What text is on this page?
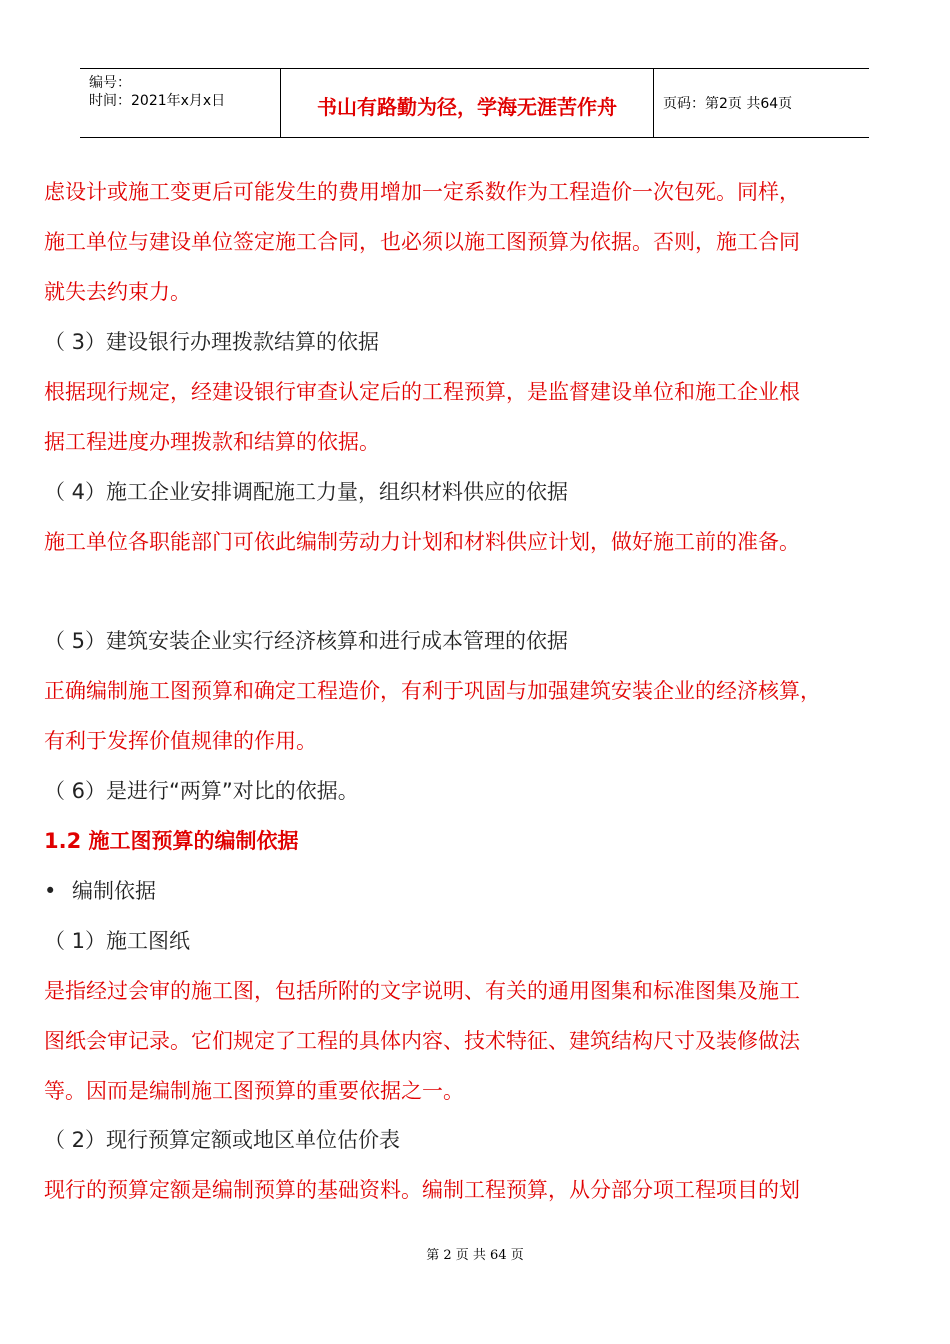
编号：
时间：2021年x月x日	书山有路勤为径，学海无涯苦作舟	页码：第2页 共64页
虑设计或施工变更后可能发生的费用增加一定系数作为工程造价一次包死。同样，
施工单位与建设单位签定施工合同，也必须以施工图预算为依据。否则，施工合同
就失去约束力。
（ 3）建设银行办理拨款结算的依据
根据现行规定，经建设银行审查认定后的工程预算，是监督建设单位和施工企业根
据工程进度办理拨款和结算的依据。
（ 4）施工企业安排调配施工力量，组织材料供应的依据
施工单位各职能部门可依此编制劳动力计划和材料供应计划，做好施工前的准备。
（ 5）建筑安装企业实行经济核算和进行成本管理的依据
正确编制施工图预算和确定工程造价，有利于巩固与加强建筑安装企业的经济核算，
有利于发挥价值规律的作用。
（ 6）是进行“两算”对比的依据。
1.2 施工图预算的编制依据
• 编制依据
（ 1）施工图纸
是指经过会审的施工图，包括所附的文字说明、有关的通用图集和标准图集及施工
图纸会审记录。它们规定了工程的具体内容、技术特征、建筑结构尺寸及装修做法
等。因而是编制施工图预算的重要依据之一。
（ 2）现行预算定额或地区单位估价表
现行的预算定额是编制预算的基础资料。编制工程预算，从分部分项工程项目的划
第 2 页 共 64 页
